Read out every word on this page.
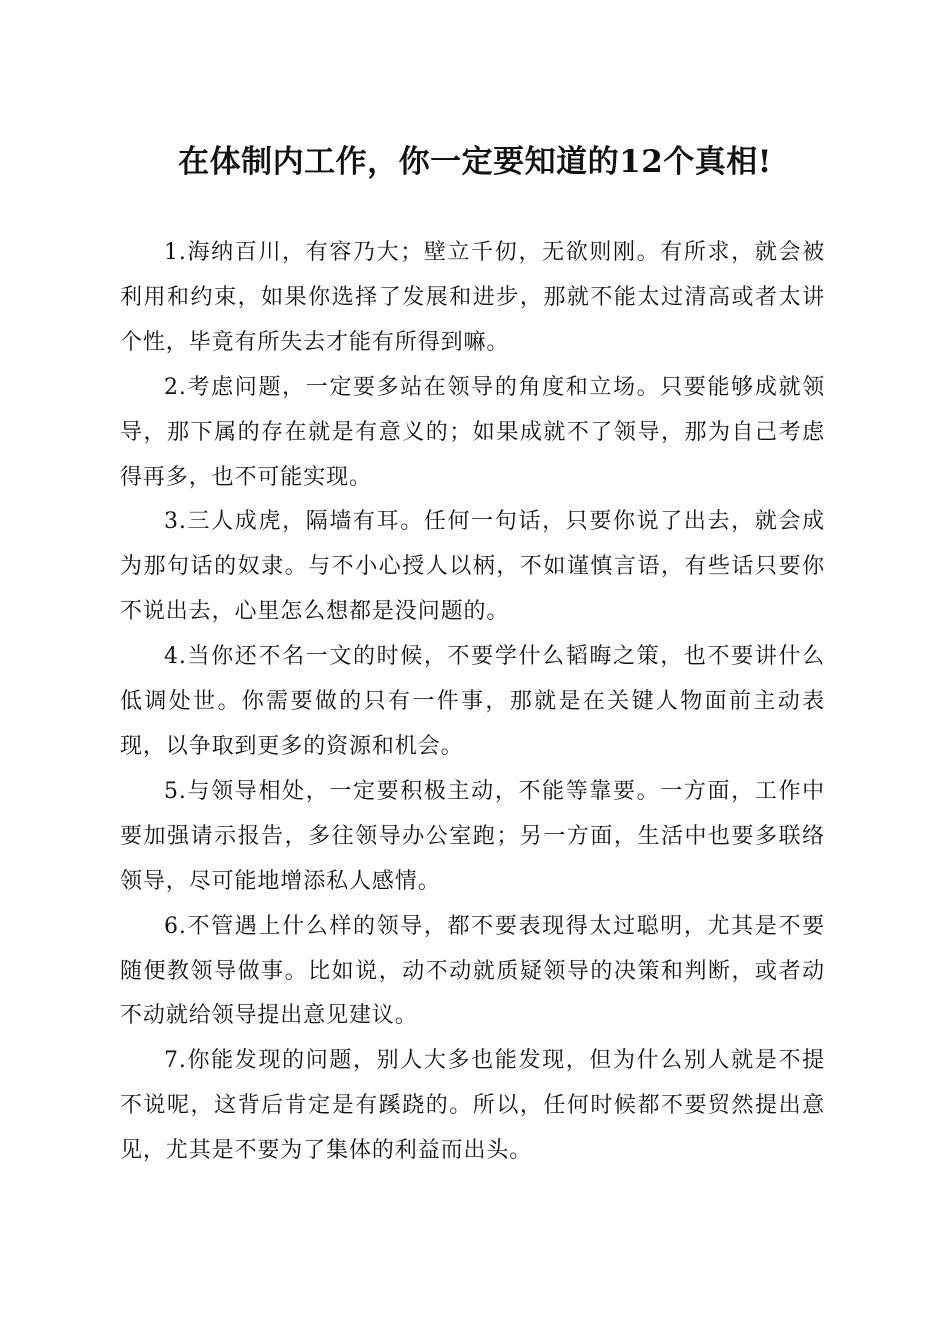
在体制内工作，你一定要知道的12个真相!

1.海纳百川，有容乃大；壁立千仞，无欲则刚。有所求，就会被利用和约束，如果你选择了发展和进步，那就不能太过清高或者太讲个性，毕竟有所失去才能有所得到嘛。

2.考虑问题，一定要多站在领导的角度和立场。只要能够成就领导，那下属的存在就是有意义的；如果成就不了领导，那为自己考虑得再多，也不可能实现。

3.三人成虎，隔墙有耳。任何一句话，只要你说了出去，就会成为那句话的奴隶。与不小心授人以柄，不如谨慎言语，有些话只要你不说出去，心里怎么想都是没问题的。

4.当你还不名一文的时候，不要学什么韬晦之策，也不要讲什么低调处世。你需要做的只有一件事，那就是在关键人物面前主动表现，以争取到更多的资源和机会。

5.与领导相处，一定要积极主动，不能等靠要。一方面，工作中要加强请示报告，多往领导办公室跑；另一方面，生活中也要多联络领导，尽可能地增添私人感情。

6.不管遇上什么样的领导，都不要表现得太过聪明，尤其是不要随便教领导做事。比如说，动不动就质疑领导的决策和判断，或者动不动就给领导提出意见建议。

7.你能发现的问题，别人大多也能发现，但为什么别人就是不提不说呢，这背后肯定是有蹊跷的。所以，任何时候都不要贸然提出意见，尤其是不要为了集体的利益而出头。
